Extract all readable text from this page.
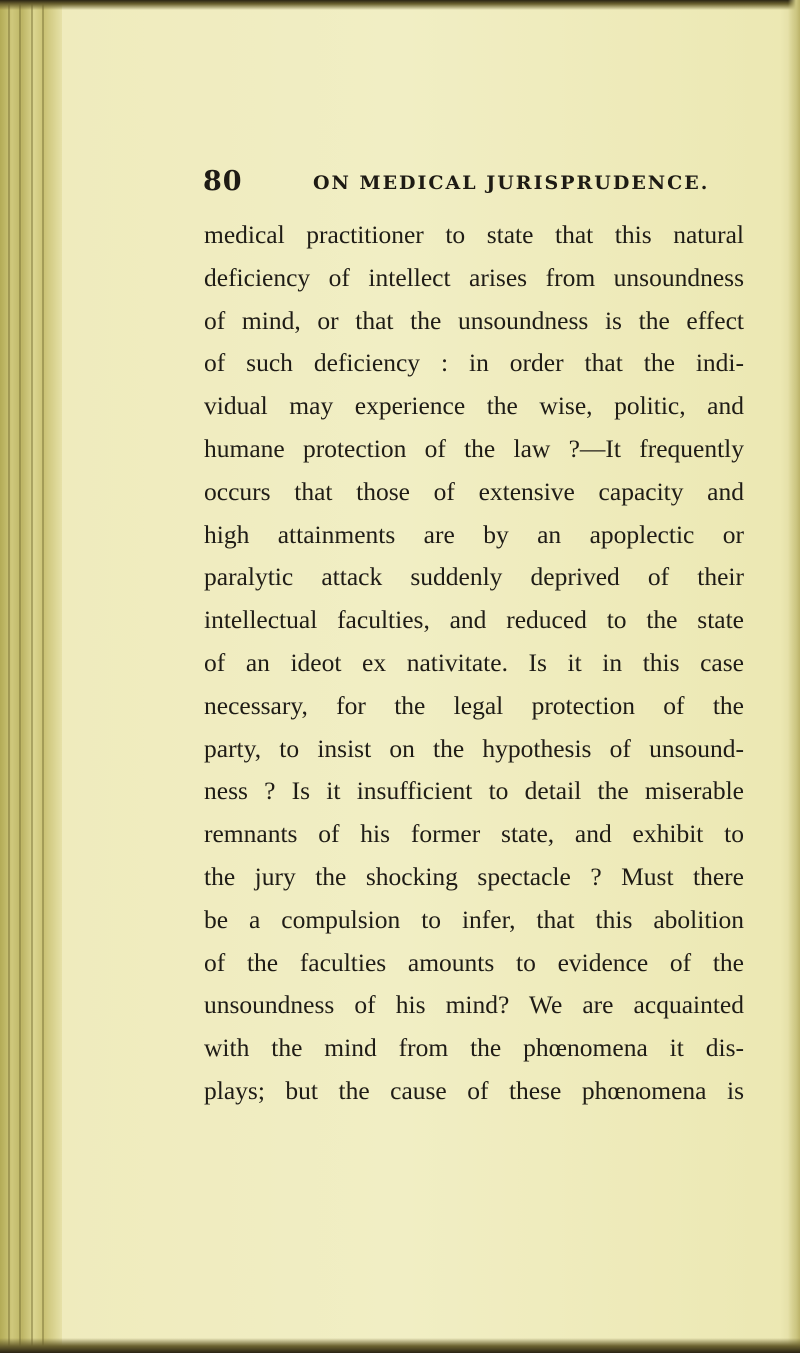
80	ON MEDICAL JURISPRUDENCE.
medical practitioner to state that this natural
deficiency of intellect arises from unsoundness
of mind, or that the unsoundness is the effect
of such deficiency : in order that the indi-
vidual may experience the wise, politic, and
humane protection of the law ?—It frequently
occurs that those of extensive capacity and
high attainments are by an apoplectic or
paralytic attack suddenly deprived of their
intellectual faculties, and reduced to the state
of an ideot ex nativitate. Is it in this case
necessary, for the legal protection of the
party, to insist on the hypothesis of unsound-
ness ? Is it insufficient to detail the miserable
remnants of his former state, and exhibit to
the jury the shocking spectacle ? Must there
be a compulsion to infer, that this abolition
of the faculties amounts to evidence of the
unsoundness of his mind? We are acquainted
with the mind from the phœnomena it dis-
plays; but the cause of these phœnomena is
